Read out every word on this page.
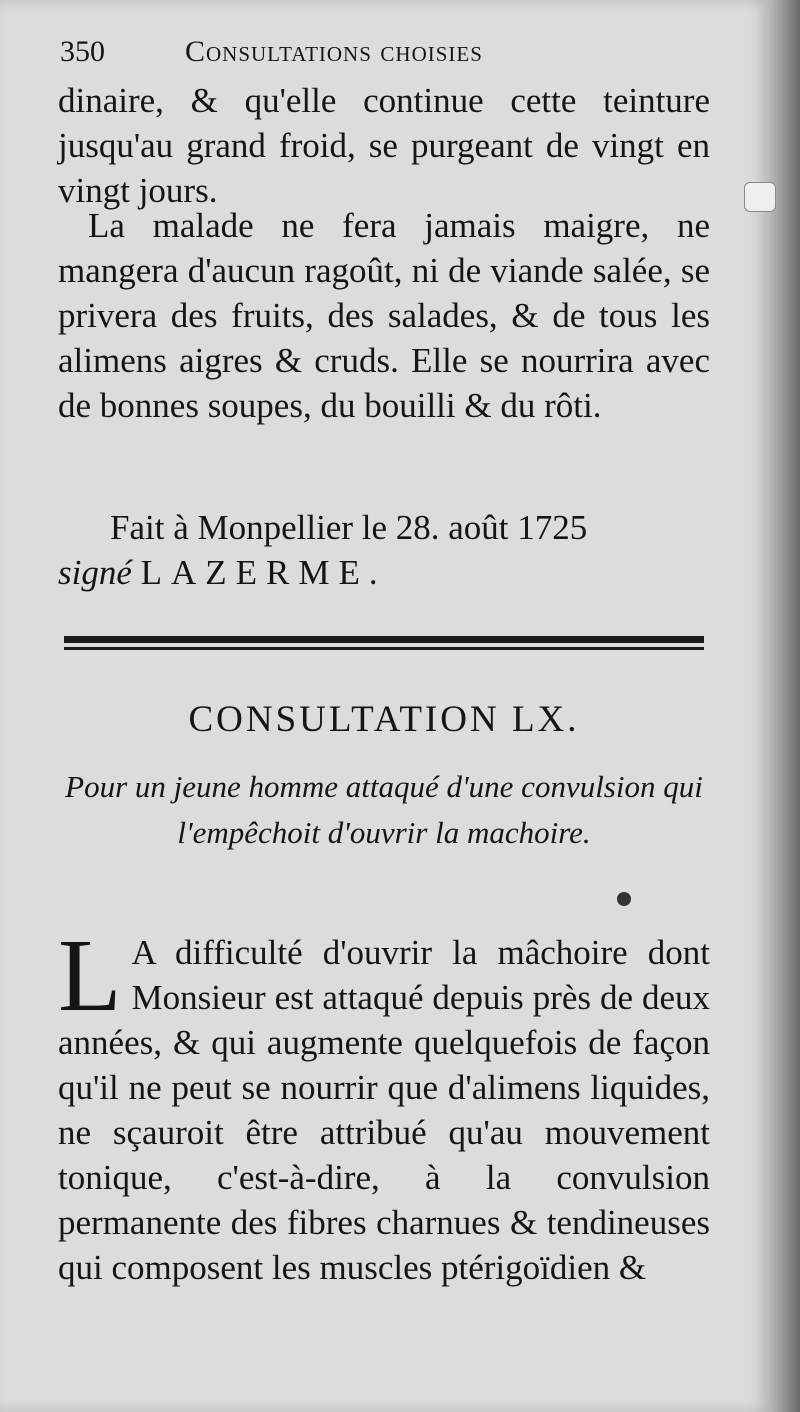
350	Consultations choisies
dinaire, & qu'elle continue cette teinture jusqu'au grand froid, se purgeant de vingt en vingt jours.
La malade ne fera jamais maigre, ne mangera d'aucun ragoût, ni de viande salée, se privera des fruits, des salades, & de tous les alimens aigres & cruds. Elle se nourrira avec de bonnes soupes, du bouilli & du rôti.
Fait à Monpellier le 28. août 1725
signé LAZERME.
CONSULTATION LX.
Pour un jeune homme attaqué d'une convulsion qui l'empêchoit d'ouvrir la machoire.
L A difficulté d'ouvrir la mâchoire dont Monsieur est attaqué depuis près de deux années, & qui augmente quelquefois de façon qu'il ne peut se nourrir que d'alimens liquides, ne sçauroit être attribué qu'au mouvement tonique, c'est-à-dire, à la convulsion permanente des fibres charnues & tendineuses qui composent les muscles ptérigoïdien &
